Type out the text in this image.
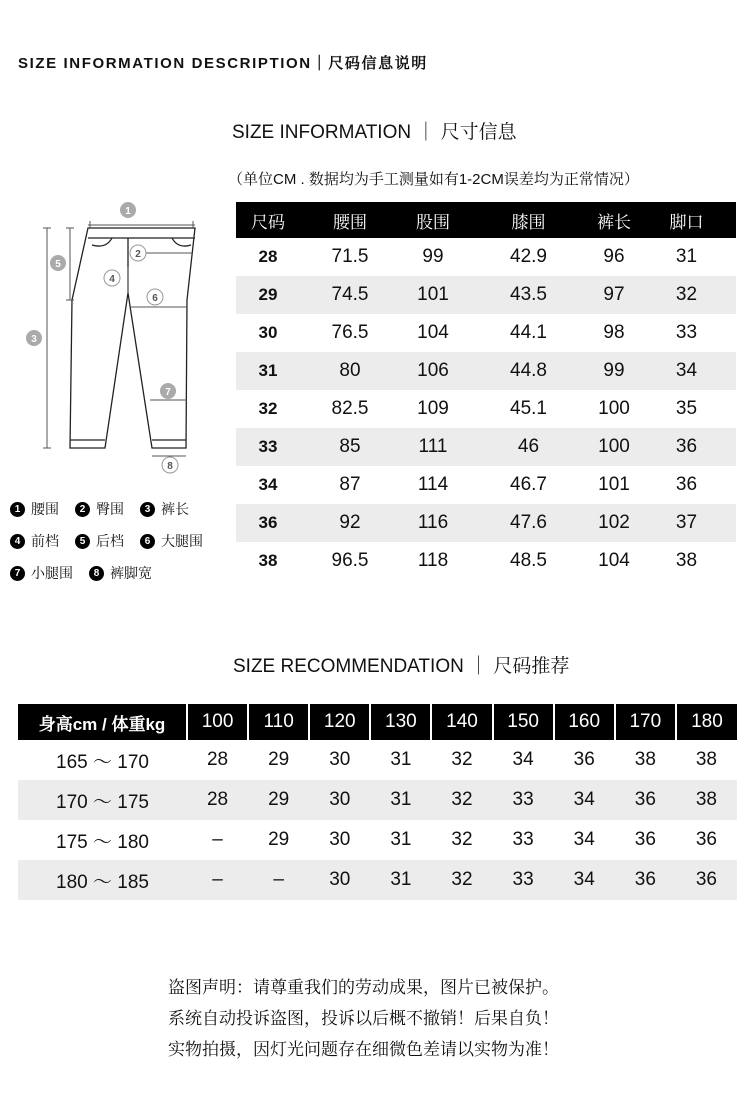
SIZE INFORMATION DESCRIPTION｜尺码信息说明
SIZE INFORMATION ｜ 尺寸信息
（单位CM . 数据均为手工测量如有1-2CM误差均为正常情况）
1
2
3
4
5
6
7
8
1 腰围	2 臀围	3 裤长
4 前档	5 后档	6 大腿围
7 小腿围	8 裤脚宽
尺码	腰围	股围	膝围	裤长	脚口
28	71.5	99	42.9	96	31
29	74.5	101	43.5	97	32
30	76.5	104	44.1	98	33
31	80	106	44.8	99	34
32	82.5	109	45.1	100	35
33	85	111	46	100	36
34	87	114	46.7	101	36
36	92	116	47.6	102	37
38	96.5	118	48.5	104	38
SIZE RECOMMENDATION ｜ 尺码推荐
身高cm / 体重kg	100	110	120	130	140	150	160	170	180
165 ～ 170	28	29	30	31	32	34	36	38	38
170 ～ 175	28	29	30	31	32	33	34	36	38
175 ～ 180	–	29	30	31	32	33	34	36	36
180 ～ 185	–	–	30	31	32	33	34	36	36
盗图声明：请尊重我们的劳动成果，图片已被保护。
系统自动投诉盗图，投诉以后概不撤销！后果自负！
实物拍摄，因灯光问题存在细微色差请以实物为准！
